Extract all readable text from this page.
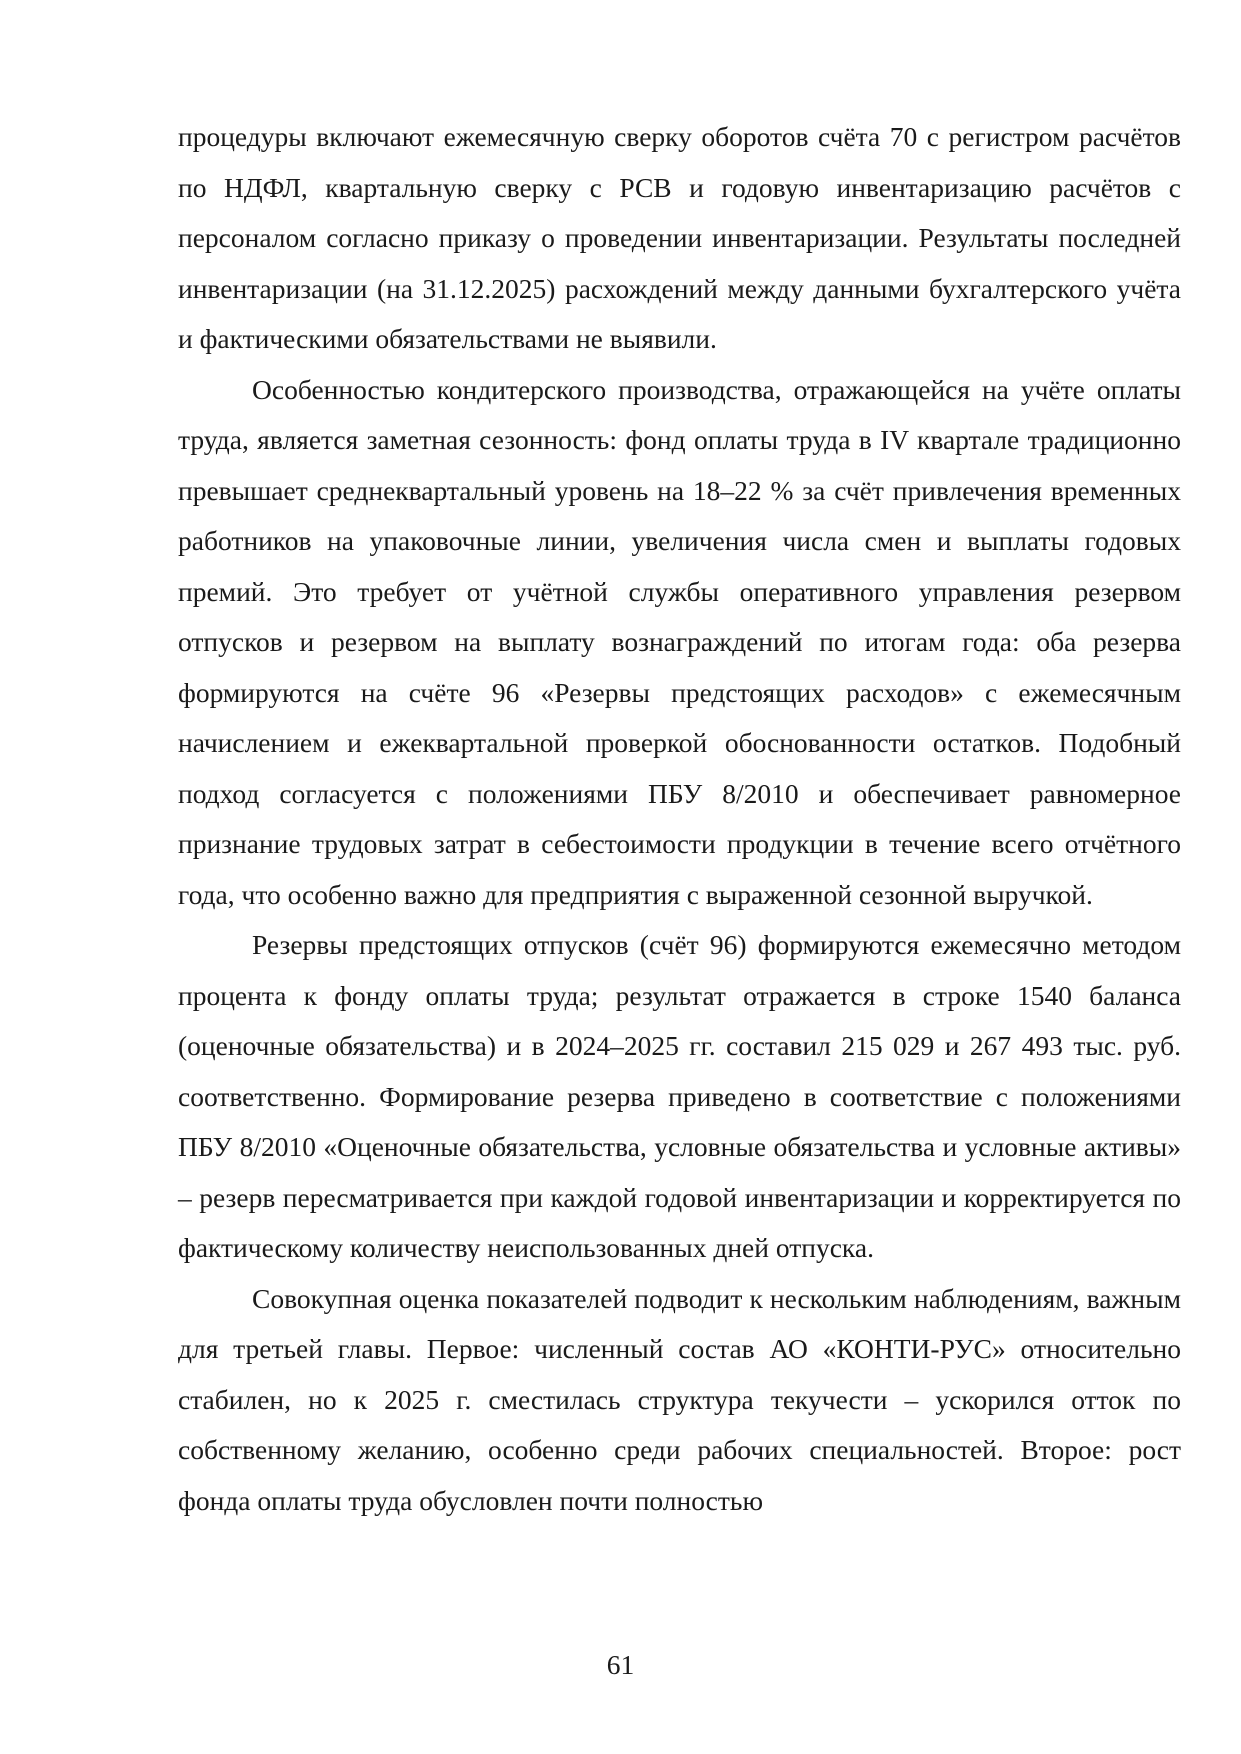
процедуры включают ежемесячную сверку оборотов счёта 70 с регистром расчётов по НДФЛ, квартальную сверку с РСВ и годовую инвентаризацию расчётов с персоналом согласно приказу о проведении инвентаризации. Результаты последней инвентаризации (на 31.12.2025) расхождений между данными бухгалтерского учёта и фактическими обязательствами не выявили.

Особенностью кондитерского производства, отражающейся на учёте оплаты труда, является заметная сезонность: фонд оплаты труда в IV квартале традиционно превышает среднеквартальный уровень на 18–22 % за счёт привлечения временных работников на упаковочные линии, увеличения числа смен и выплаты годовых премий. Это требует от учётной службы оперативного управления резервом отпусков и резервом на выплату вознаграждений по итогам года: оба резерва формируются на счёте 96 «Резервы предстоящих расходов» с ежемесячным начислением и ежеквартальной проверкой обоснованности остатков. Подобный подход согласуется с положениями ПБУ 8/2010 и обеспечивает равномерное признание трудовых затрат в себестоимости продукции в течение всего отчётного года, что особенно важно для предприятия с выраженной сезонной выручкой.

Резервы предстоящих отпусков (счёт 96) формируются ежемесячно методом процента к фонду оплаты труда; результат отражается в строке 1540 баланса (оценочные обязательства) и в 2024–2025 гг. составил 215 029 и 267 493 тыс. руб. соответственно. Формирование резерва приведено в соответствие с положениями ПБУ 8/2010 «Оценочные обязательства, условные обязательства и условные активы» – резерв пересматривается при каждой годовой инвентаризации и корректируется по фактическому количеству неиспользованных дней отпуска.

Совокупная оценка показателей подводит к нескольким наблюдениям, важным для третьей главы. Первое: численный состав АО «КОНТИ-РУС» относительно стабилен, но к 2025 г. сместилась структура текучести – ускорился отток по собственному желанию, особенно среди рабочих специальностей. Второе: рост фонда оплаты труда обусловлен почти полностью

61
